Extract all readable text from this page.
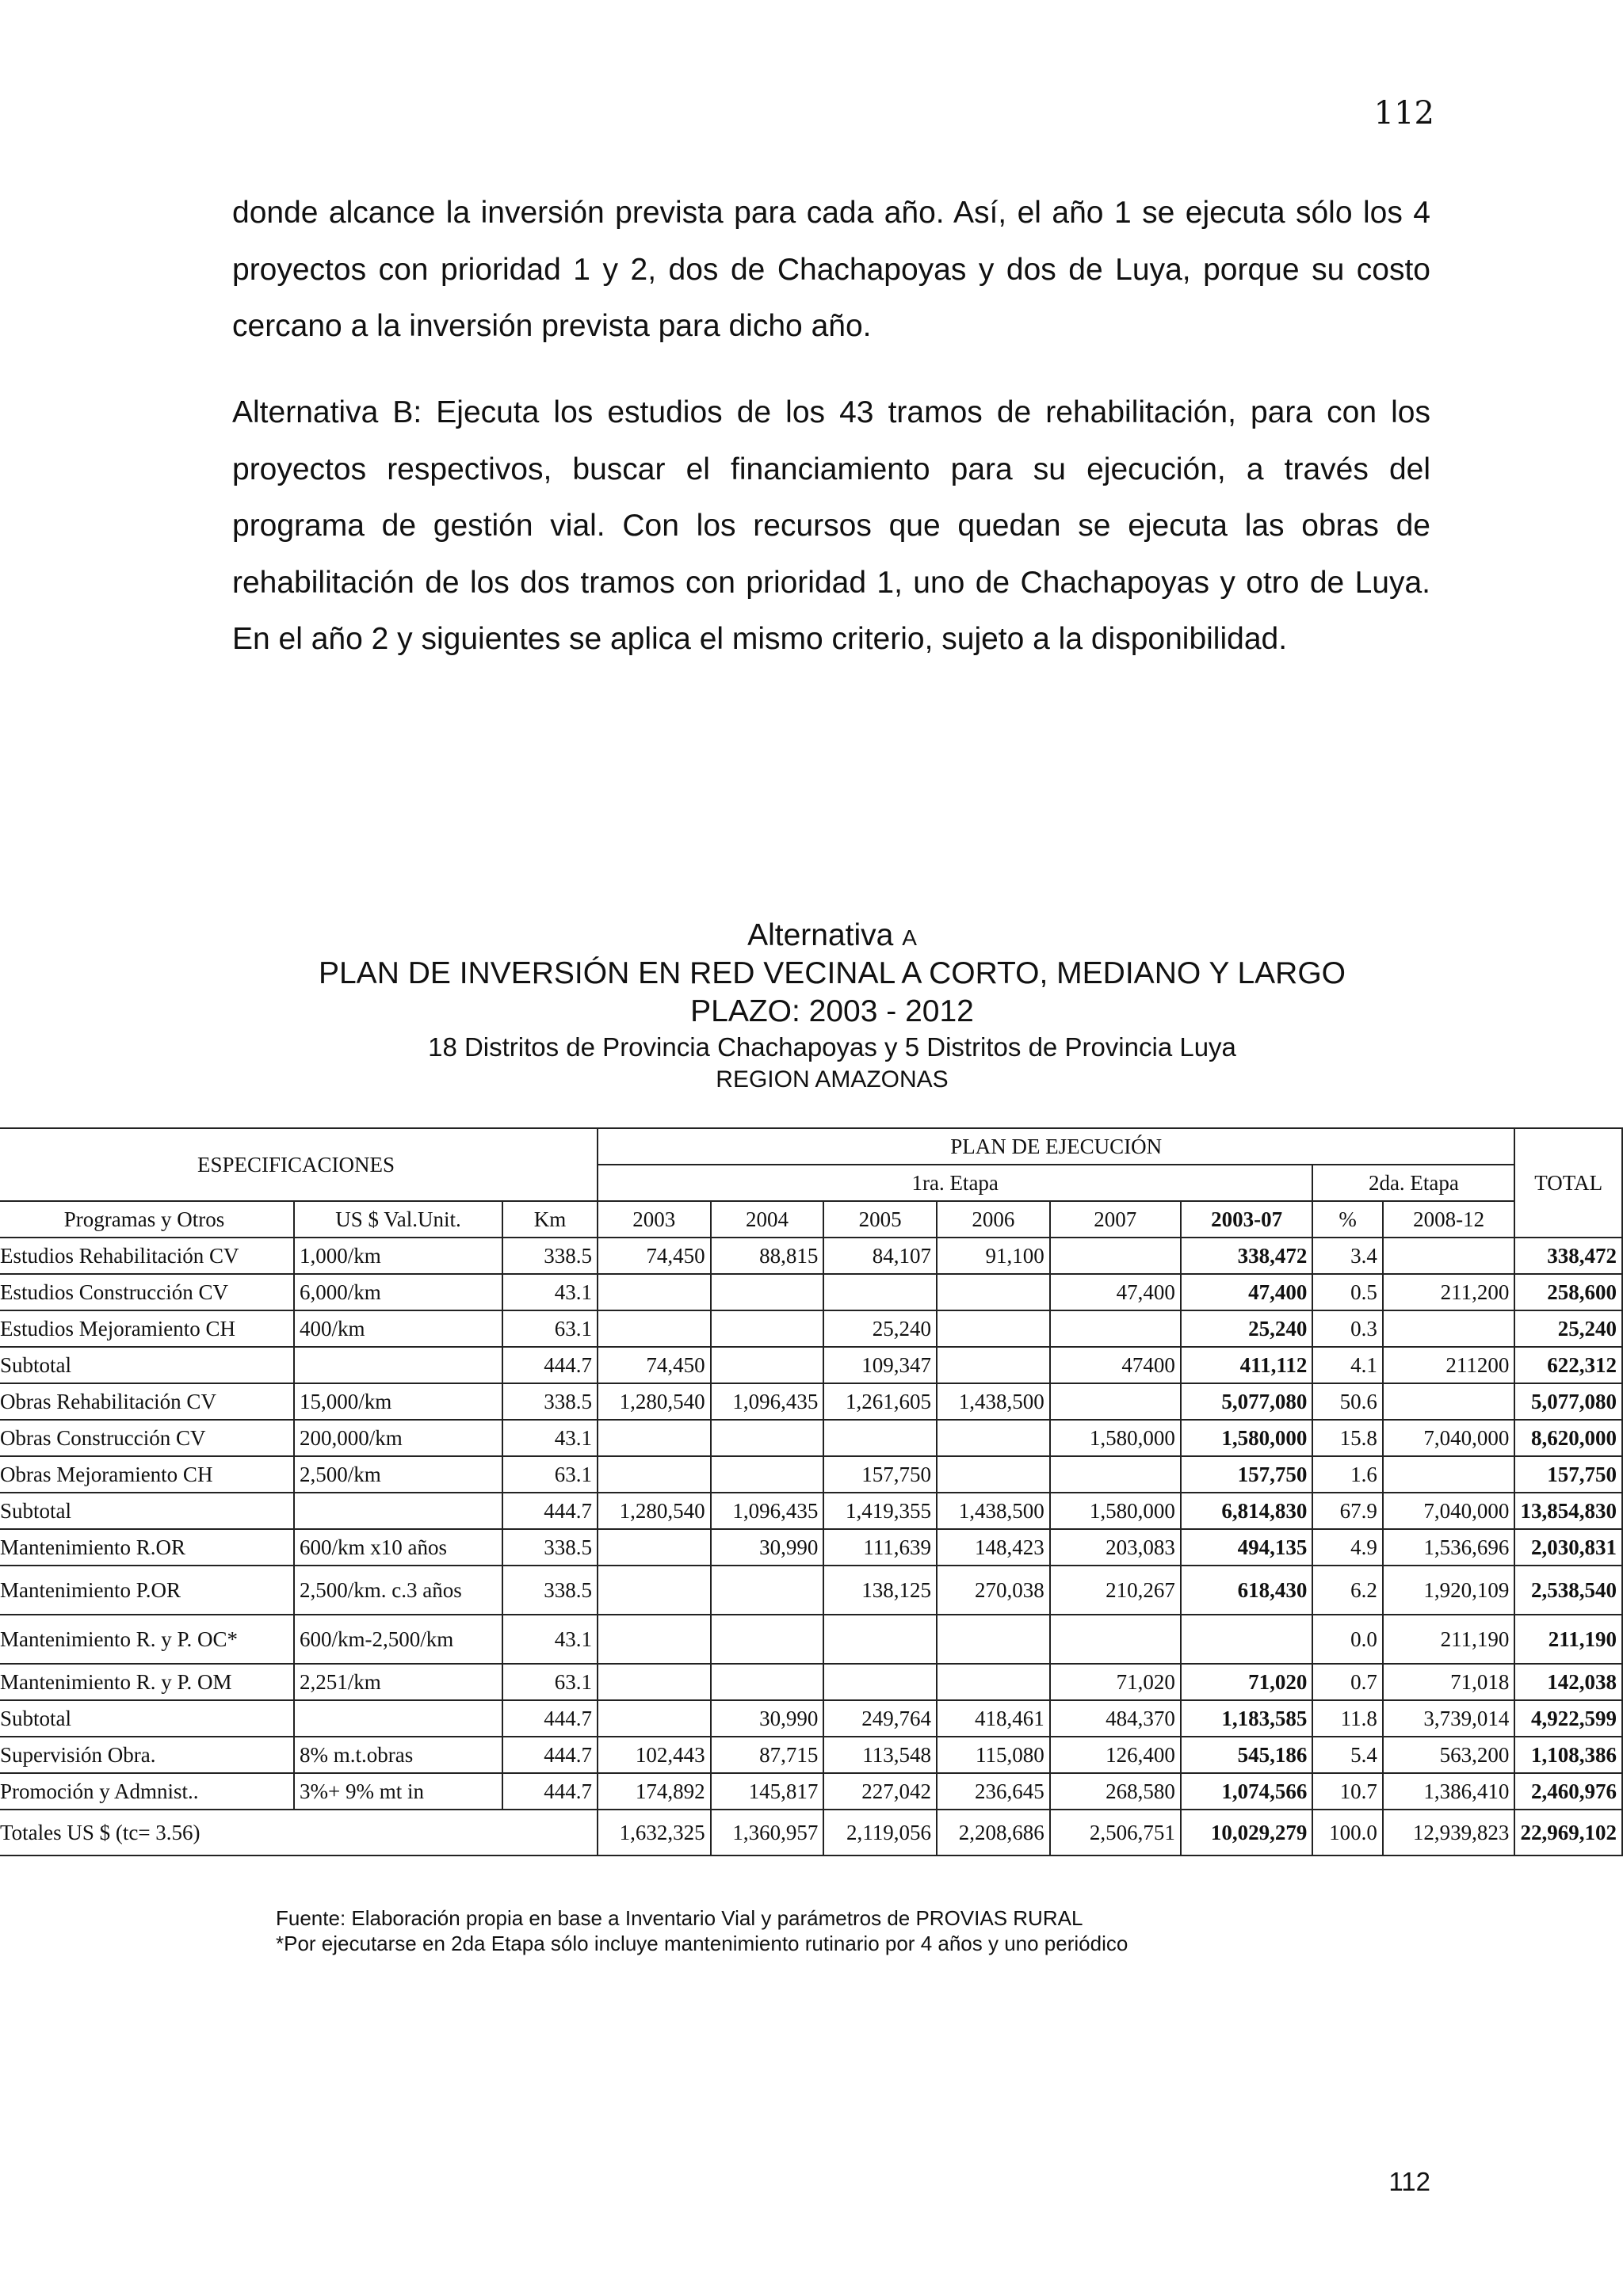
112

donde alcance la inversión prevista para cada año. Así, el año 1 se ejecuta sólo los 4 proyectos con prioridad 1 y 2, dos de Chachapoyas y dos de Luya, porque su costo cercano a la inversión prevista para dicho año.

Alternativa B: Ejecuta los estudios de los 43 tramos de rehabilitación, para con los proyectos respectivos, buscar el financiamiento para su ejecución, a través del programa de gestión vial. Con los recursos que quedan se ejecuta las obras de rehabilitación de los dos tramos con prioridad 1, uno de Chachapoyas y otro de Luya. En el año 2 y siguientes se aplica el mismo criterio, sujeto a la disponibilidad.

Alternativa A
PLAN DE INVERSIÓN EN RED VECINAL A CORTO, MEDIANO Y LARGO
PLAZO: 2003 - 2012
18 Distritos de Provincia Chachapoyas y 5 Distritos de Provincia Luya
REGION AMAZONAS
ESPECIFICACIONES			PLAN DE EJECUCIÓN								TOTAL
			1ra. Etapa						2da. Etapa		
Programas y Otros	US $ Val.Unit.	Km	2003	2004	2005	2006	2007	2003-07	%	2008-12	
Estudios Rehabilitación CV	1,000/km	338.5	74,450	88,815	84,107	91,100		338,472	3.4		338,472
Estudios Construcción CV	6,000/km	43.1					47,400	47,400	0.5	211,200	258,600
Estudios Mejoramiento CH	400/km	63.1			25,240			25,240	0.3		25,240
Subtotal		444.7	74,450		109,347		47400	411,112	4.1	211200	622,312
Obras Rehabilitación CV	15,000/km	338.5	1,280,540	1,096,435	1,261,605	1,438,500		5,077,080	50.6		5,077,080
Obras Construcción CV	200,000/km	43.1					1,580,000	1,580,000	15.8	7,040,000	8,620,000
Obras Mejoramiento CH	2,500/km	63.1			157,750			157,750	1.6		157,750
Subtotal		444.7	1,280,540	1,096,435	1,419,355	1,438,500	1,580,000	6,814,830	67.9	7,040,000	13,854,830
Mantenimiento R.OR	600/km x10 años	338.5		30,990	111,639	148,423	203,083	494,135	4.9	1,536,696	2,030,831
Mantenimiento P.OR	2,500/km. c.3 años	338.5			138,125	270,038	210,267	618,430	6.2	1,920,109	2,538,540
Mantenimiento R. y P. OC*	600/km-2,500/km	43.1							0.0	211,190	211,190
Mantenimiento R. y P. OM	2,251/km	63.1					71,020	71,020	0.7	71,018	142,038
Subtotal		444.7		30,990	249,764	418,461	484,370	1,183,585	11.8	3,739,014	4,922,599
Supervisión Obra.	8% m.t.obras	444.7	102,443	87,715	113,548	115,080	126,400	545,186	5.4	563,200	1,108,386
Promoción y Admnist..	3%+ 9% mt in	444.7	174,892	145,817	227,042	236,645	268,580	1,074,566	10.7	1,386,410	2,460,976
Totales US $ (tc= 3.56)			1,632,325	1,360,957	2,119,056	2,208,686	2,506,751	10,029,279	100.0	12,939,823	22,969,102

Fuente: Elaboración propia en base a Inventario Vial y parámetros de PROVIAS RURAL

*Por ejecutarse en 2da Etapa sólo incluye mantenimiento rutinario por 4 años y uno periódico

112
